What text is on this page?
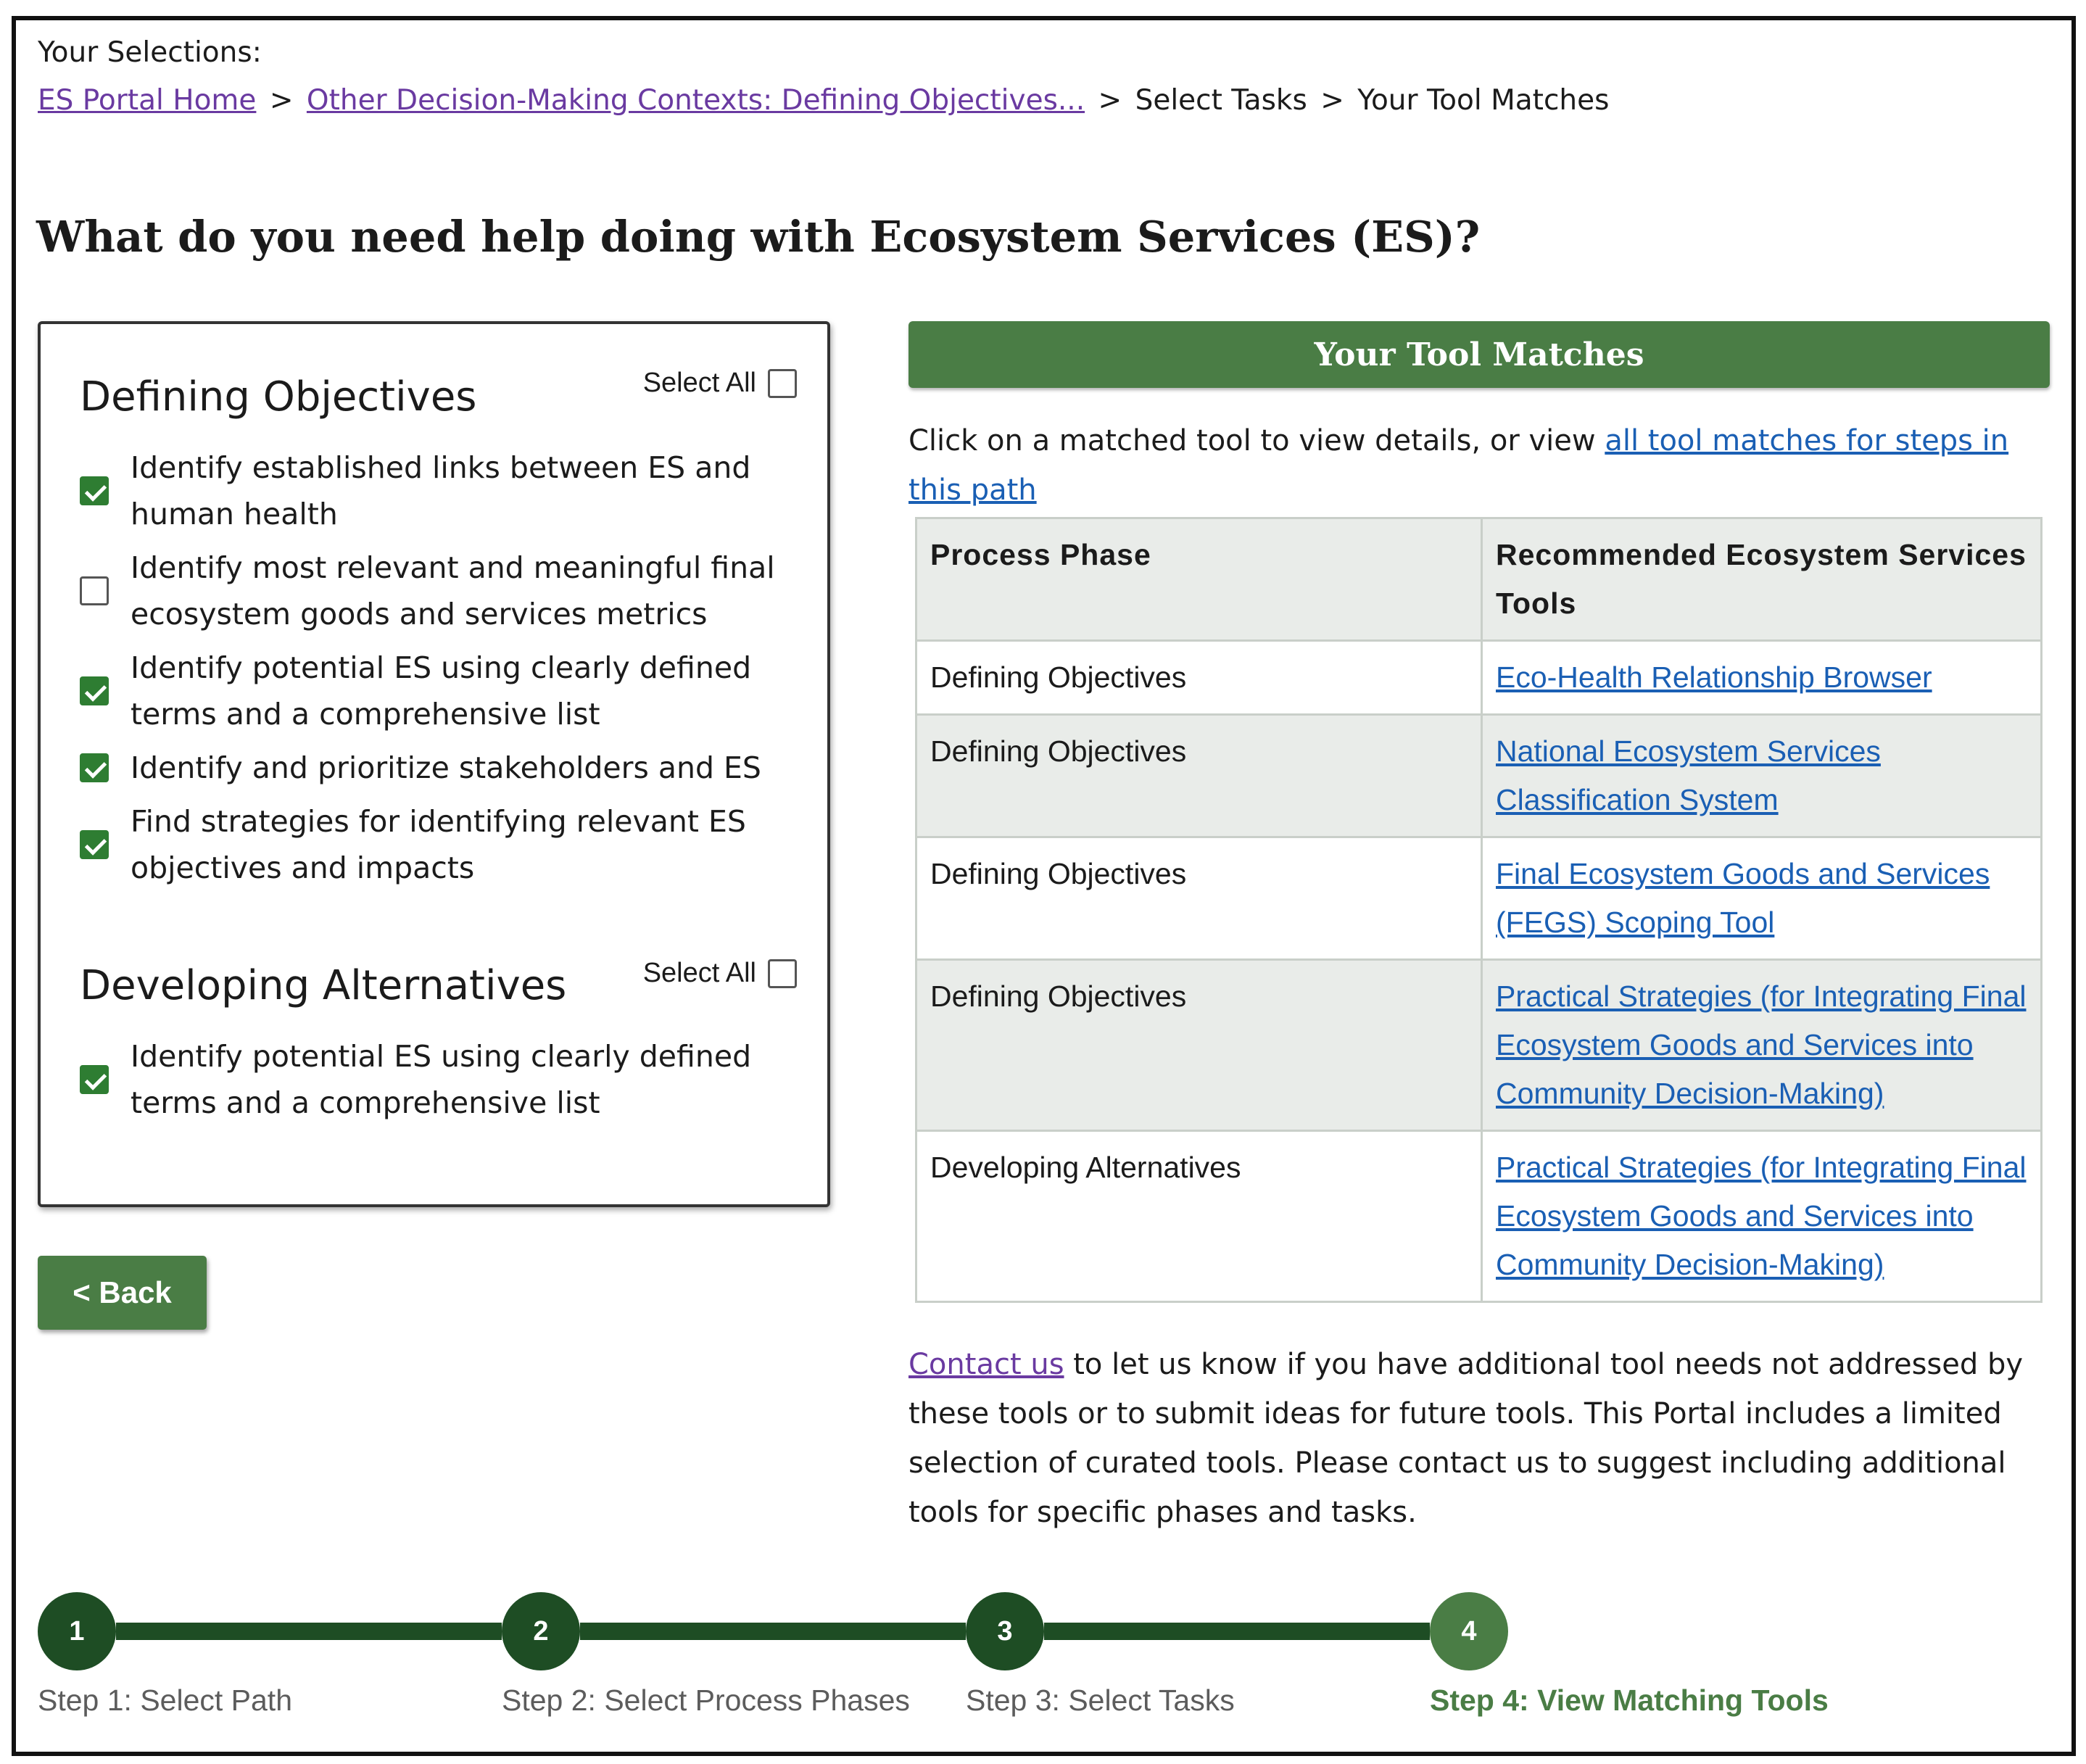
Your Selections:
ES Portal Home > Other Decision-Making Contexts: Defining Objectives... > Select Tasks > Your Tool Matches
What do you need help doing with Ecosystem Services (ES)?
Defining Objectives	Select All
Identify established links between ES and human health
Identify most relevant and meaningful final ecosystem goods and services metrics
Identify potential ES using clearly defined terms and a comprehensive list
Identify and prioritize stakeholders and ES
Find strategies for identifying relevant ES objectives and impacts
Developing Alternatives	Select All
Identify potential ES using clearly defined terms and a comprehensive list
< Back
Your Tool Matches

Click on a matched tool to view details, or view all tool matches for steps in this path

Process Phase	Recommended Ecosystem Services Tools
Defining Objectives	Eco-Health Relationship Browser
Defining Objectives	National Ecosystem Services Classification System
Defining Objectives	Final Ecosystem Goods and Services (FEGS) Scoping Tool
Defining Objectives	Practical Strategies (for Integrating Final Ecosystem Goods and Services into Community Decision-Making)
Developing Alternatives	Practical Strategies (for Integrating Final Ecosystem Goods and Services into Community Decision-Making)

Contact us to let us know if you have additional tool needs not addressed by these tools or to submit ideas for future tools. This Portal includes a limited selection of curated tools. Please contact us to suggest including additional tools for specific phases and tasks.

1	2	3	4
Step 1: Select Path	Step 2: Select Process Phases Step 3: Select Tasks	Step 4: View Matching Tools
